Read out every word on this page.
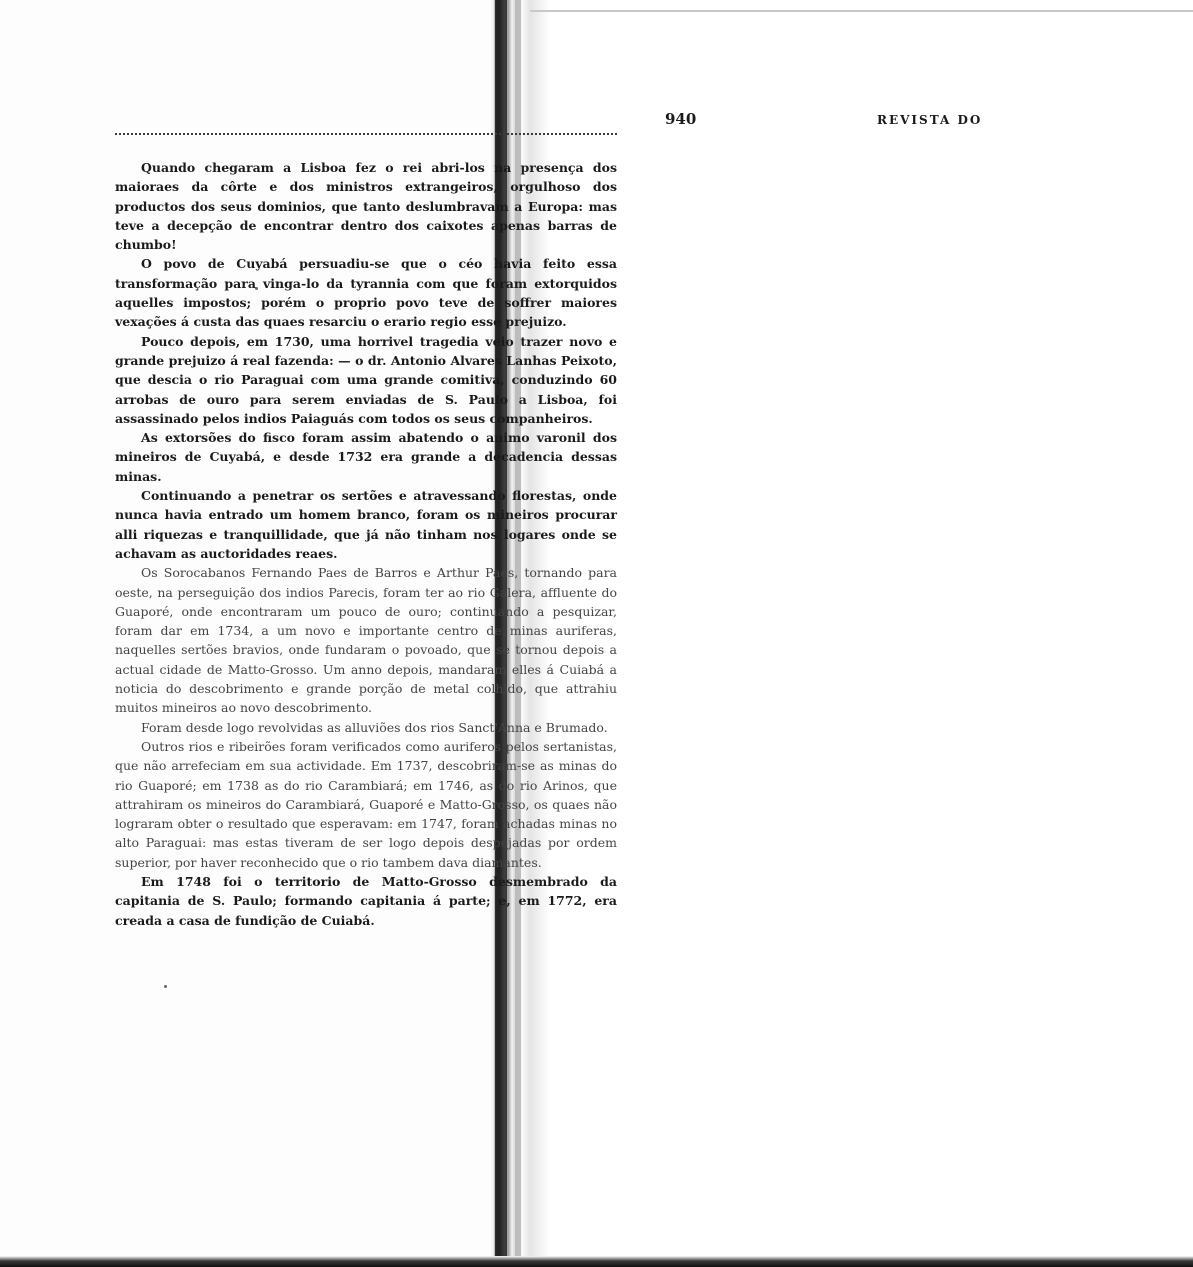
940	REVISTA DO

Quando chegaram a Lisboa fez o rei abri-los na presença dos maioraes da côrte e dos ministros extrangeiros, orgulhoso dos productos dos seus dominios, que tanto deslumbravam a Europa: mas teve a decepção de encontrar dentro dos caixotes apenas barras de chumbo!

O povo de Cuyabá persuadiu-se que o céo havia feito essa transformação para vinga-lo da tyrannia com que foram extorquidos aquelles impostos; porém o proprio povo teve de soffrer maiores vexações á custa das quaes resarciu o erario regio esse prejuizo.

Pouco depois, em 1730, uma horrivel tragedia veio trazer novo e grande prejuizo á real fazenda: — o dr. Antonio Alvares Lanhas Peixoto, que descia o rio Paraguai com uma grande comitiva, conduzindo 60 arrobas de ouro para serem enviadas de S. Paulo a Lisboa, foi assassinado pelos indios Paiaguás com todos os seus companheiros.

As extorsões do fisco foram assim abatendo o animo varonil dos mineiros de Cuyabá, e desde 1732 era grande a decadencia dessas minas.

Continuando a penetrar os sertões e atravessando florestas, onde nunca havia entrado um homem branco, foram os mineiros procurar alli riquezas e tranquillidade, que já não tinham nos logares onde se achavam as auctoridades reaes.

Os Sorocabanos Fernando Paes de Barros e Arthur Paes, tornando para oeste, na perseguição dos indios Parecis, foram ter ao rio Galera, affluente do Guaporé, onde encontraram um pouco de ouro; continuando a pesquizar, foram dar em 1734, a um novo e importante centro de minas auriferas, naquelles sertões bravios, onde fundaram o povoado, que se tornou depois a actual cidade de Matto-Grosso. Um anno depois, mandaram elles á Cuiabá a noticia do descobrimento e grande porção de metal colhido, que attrahiu muitos mineiros ao novo descobrimento.

Foram desde logo revolvidas as alluviões dos rios Sanct'Anna e Brumado.

Outros rios e ribeirões foram verificados como auriferos pelos sertanistas, que não arrefeciam em sua actividade. Em 1737, descobriram-se as minas do rio Guaporé; em 1738 as do rio Carambiará; em 1746, as do rio Arinos, que attrahiram os mineiros do Carambiará, Guaporé e Matto-Grosso, os quaes não lograram obter o resultado que esperavam: em 1747, foram achadas minas no alto Paraguai: mas estas tiveram de ser logo depois despejadas por ordem superior, por haver reconhecido que o rio tambem dava diamantes.

Em 1748 foi o territorio de Matto-Grosso desmembrado da capitania de S. Paulo; formando capitania á parte; e, em 1772, era creada a casa de fundição de Cuiabá.
